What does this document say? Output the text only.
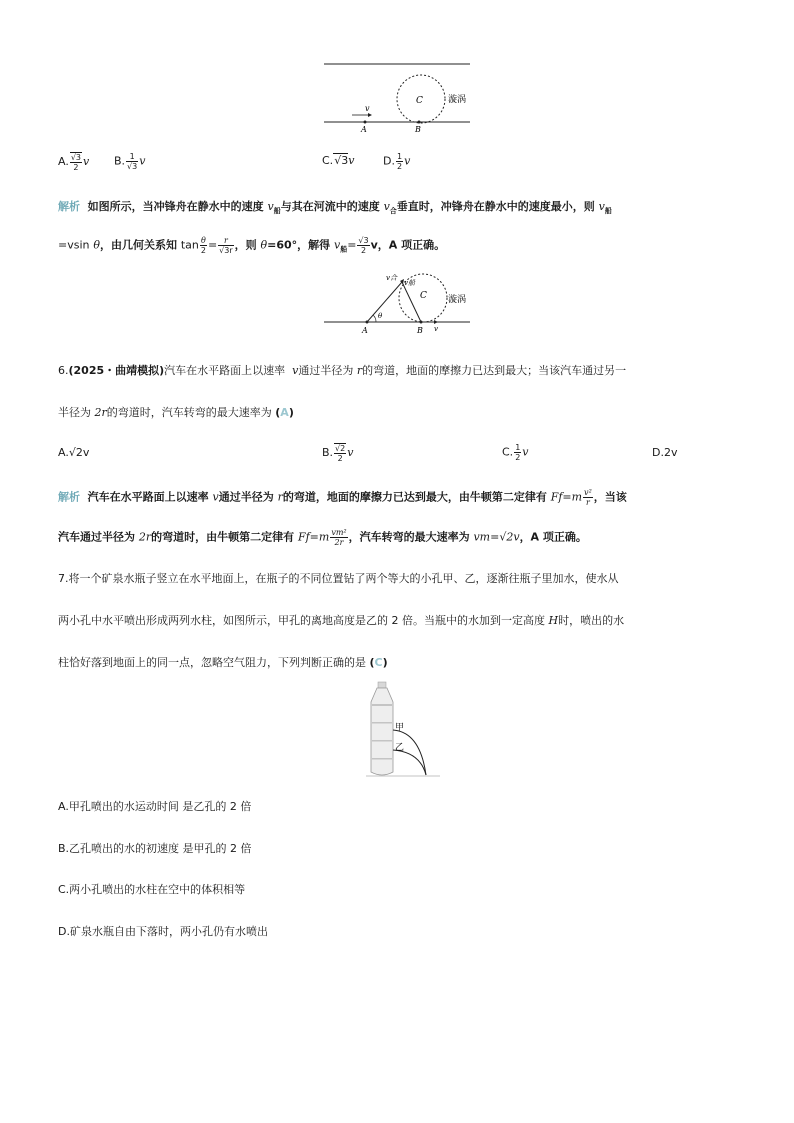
C
v
A	B
漩涡
A. $\frac{√3}{2}$ v B. $\frac{1}{√3}$ v	C.√3v	D. $\frac{1}{2}$ v
解析 如图所示，当冲锋舟在静水中的速度 $v_船$与其在河流中的速度 $v_合$垂直时，冲锋舟在静水中的速度最小，则 $v_船$
=vsin θ，由几何关系知 $\tan \frac{\theta}{2} = \frac{r}{√3r}$ ，则 θ=60°，解得 $v_船= \frac{√3}{2}$ v，A 项正确。
v合
v船
C 漩涡
θ
A	B v
6.(2025・曲靖模拟)汽车在水平路面上以速率 v通过半径为 r的弯道，地面的摩擦力已达到最大；当该汽车通过另一
半径为 2r的弯道时，汽车转弯的最大速率为 (A)
A.√2v	B. $\frac{√2}{2}$ v	C. $\frac{1}{2}$ v	D.2v
解析 汽车在水平路面上以速率 v通过半径为 r的弯道，地面的摩擦力已达到最大，由牛顿第二定律有 $Ff=m \frac{\text{v²}}{r}$ ，当该
汽车通过半径为 2r的弯道时，由牛顿第二定律有 $Ff=m \frac{\text{vm²}}{2r}$ ，汽车转弯的最大速率为 vm=√2v，A 项正确。
7.将一个矿泉水瓶子竖立在水平地面上，在瓶子的不同位置钻了两个等大的小孔甲、乙，逐渐往瓶子里加水，使水从
两小孔中水平喷出形成两列水柱，如图所示，甲孔的离地高度是乙的 2 倍。当瓶中的水加到一定高度 H时，喷出的水
柱恰好落到地面上的同一点，忽略空气阻力，下列判断正确的是 (C)
甲
乙
A.甲孔喷出的水运动时间 是乙孔的 2 倍
B.乙孔喷出的水的初速度 是甲孔的 2 倍
C.两小孔喷出的水柱在空中的体积相等
D.矿泉水瓶自由下落时，两小孔仍有水喷出
